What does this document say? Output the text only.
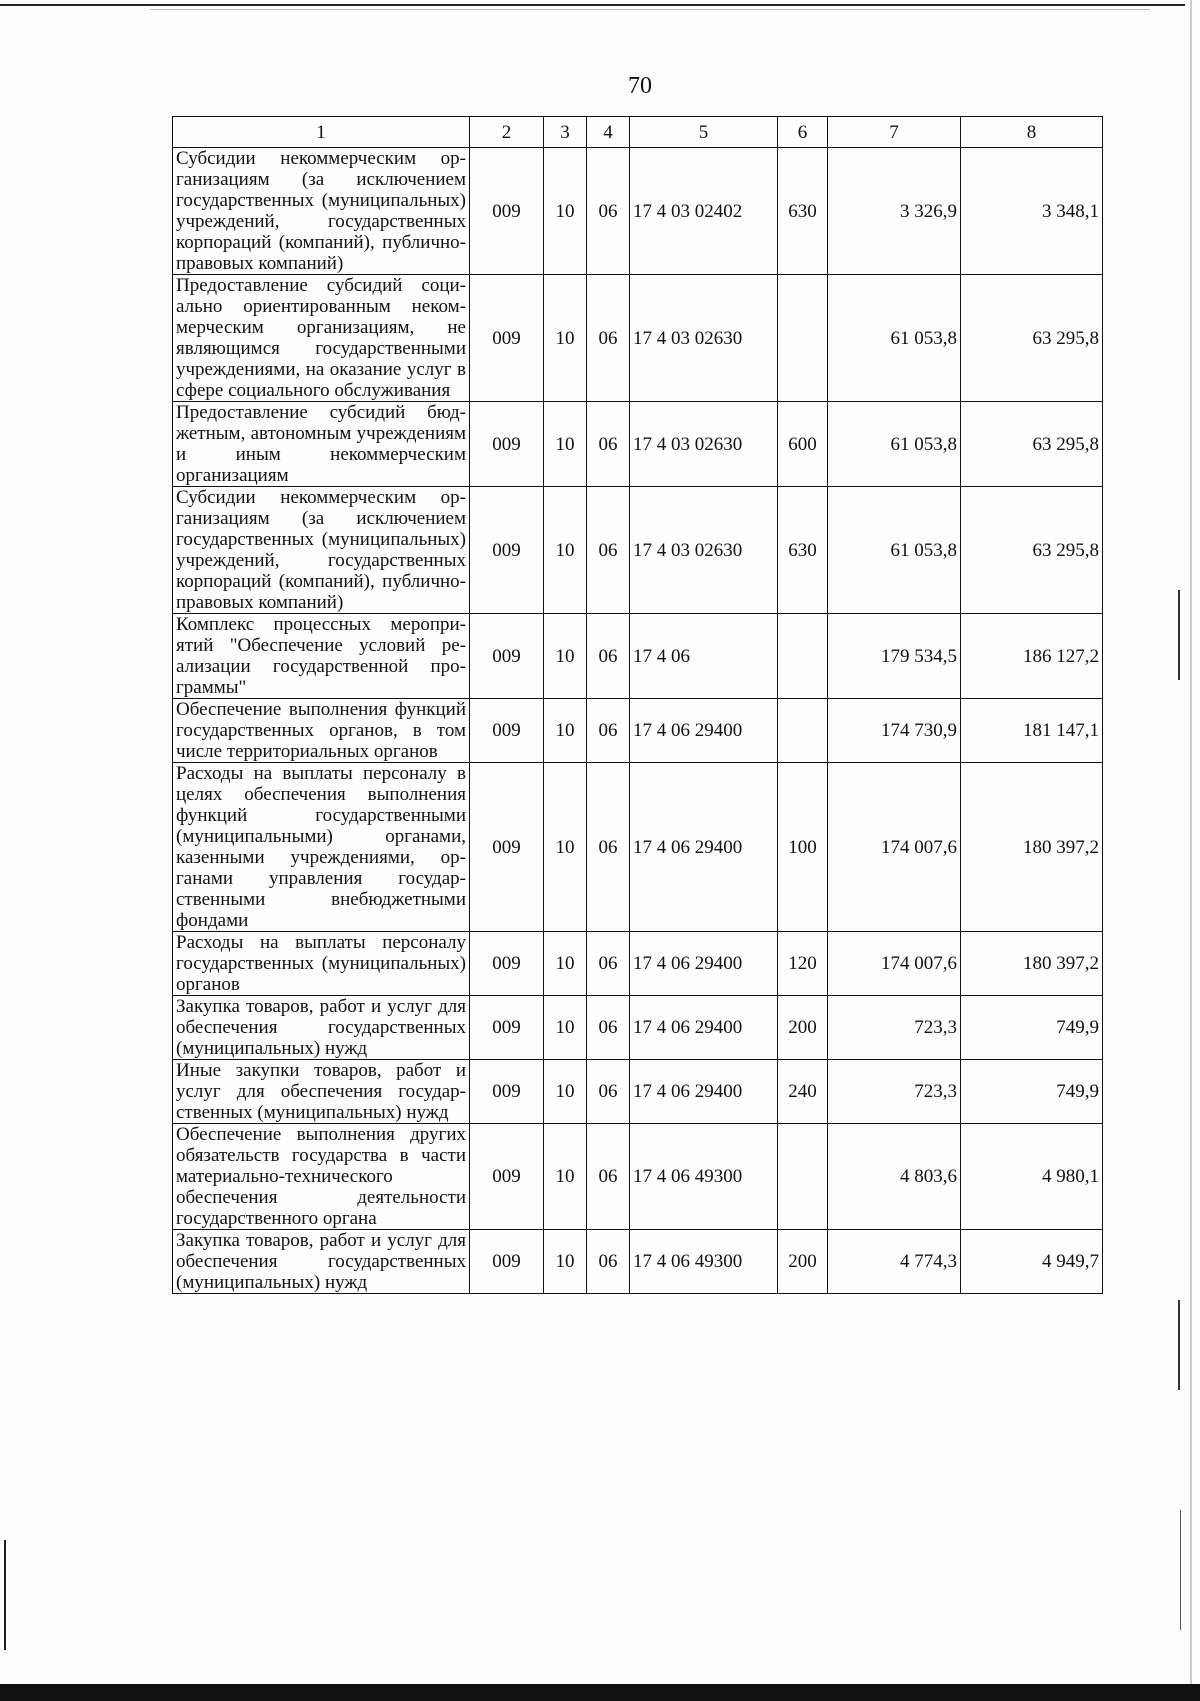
70
1	2	3	4	5	6	7	8
Субсидии некоммерческим организациям (за исключением государственных (муниципальных) учреждений, государственных корпораций (компаний), публично-правовых компаний)	009	10	06	17 4 03 02402	630	3 326,9	3 348,1
Предоставление субсидий социально ориентированным некоммерческим организациям, не являющимся государственными учреждениями, на оказание услуг в сфере социального обслуживания	009	10	06	17 4 03 02630		61 053,8	63 295,8
Предоставление субсидий бюджетным, автономным учреждениям и иным некоммерческим организациям	009	10	06	17 4 03 02630	600	61 053,8	63 295,8
Субсидии некоммерческим организациям (за исключением государственных (муниципальных) учреждений, государственных корпораций (компаний), публично-правовых компаний)	009	10	06	17 4 03 02630	630	61 053,8	63 295,8
Комплекс процессных мероприятий "Обеспечение условий реализации государственной программы"	009	10	06	17 4 06		179 534,5	186 127,2
Обеспечение выполнения функций государственных органов, в том числе территориальных органов	009	10	06	17 4 06 29400		174 730,9	181 147,1
Расходы на выплаты персоналу в целях обеспечения выполнения функций государственными (муниципальными) органами, казенными учреждениями, органами управления государственными внебюджетными фондами	009	10	06	17 4 06 29400	100	174 007,6	180 397,2
Расходы на выплаты персоналу государственных (муниципальных) органов	009	10	06	17 4 06 29400	120	174 007,6	180 397,2
Закупка товаров, работ и услуг для обеспечения государственных (муниципальных) нужд	009	10	06	17 4 06 29400	200	723,3	749,9
Иные закупки товаров, работ и услуг для обеспечения государственных (муниципальных) нужд	009	10	06	17 4 06 29400	240	723,3	749,9
Обеспечение выполнения других обязательств государства в части материально-технического обеспечения деятельности государственного органа	009	10	06	17 4 06 49300		4 803,6	4 980,1
Закупка товаров, работ и услуг для обеспечения государственных (муниципальных) нужд	009	10	06	17 4 06 49300	200	4 774,3	4 949,7
